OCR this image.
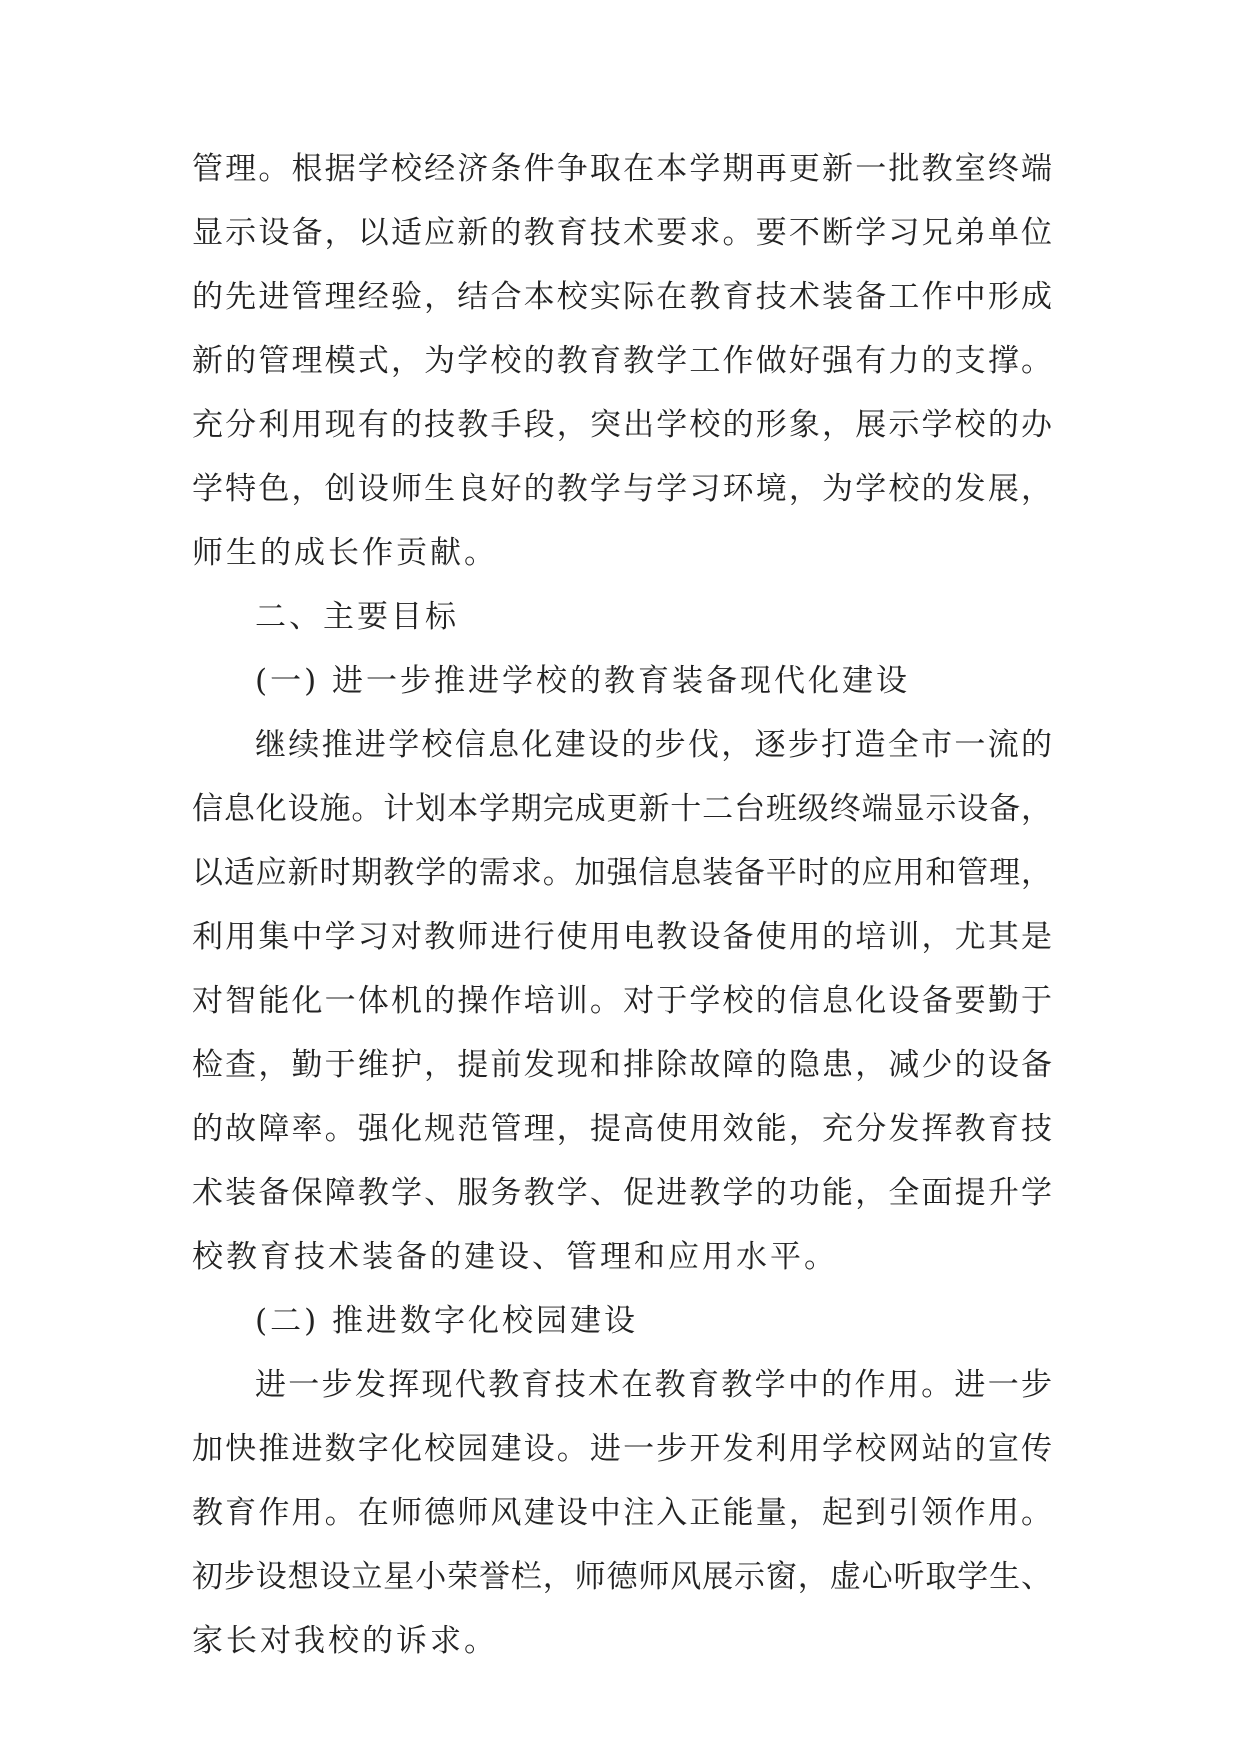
管理。根据学校经济条件争取在本学期再更新一批教室终端
显示设备，以适应新的教育技术要求。要不断学习兄弟单位
的先进管理经验，结合本校实际在教育技术装备工作中形成
新的管理模式，为学校的教育教学工作做好强有力的支撑。
充分利用现有的技教手段，突出学校的形象，展示学校的办
学特色，创设师生良好的教学与学习环境，为学校的发展，
师生的成长作贡献。
二、主要目标
(一) 进一步推进学校的教育装备现代化建设
继续推进学校信息化建设的步伐，逐步打造全市一流的
信息化设施。计划本学期完成更新十二台班级终端显示设备，
以适应新时期教学的需求。加强信息装备平时的应用和管理，
利用集中学习对教师进行使用电教设备使用的培训，尤其是
对智能化一体机的操作培训。对于学校的信息化设备要勤于
检查，勤于维护，提前发现和排除故障的隐患，减少的设备
的故障率。强化规范管理，提高使用效能，充分发挥教育技
术装备保障教学、服务教学、促进教学的功能，全面提升学
校教育技术装备的建设、管理和应用水平。
(二) 推进数字化校园建设
进一步发挥现代教育技术在教育教学中的作用。进一步
加快推进数字化校园建设。进一步开发利用学校网站的宣传
教育作用。在师德师风建设中注入正能量，起到引领作用。
初步设想设立星小荣誉栏，师德师风展示窗，虚心听取学生、
家长对我校的诉求。
